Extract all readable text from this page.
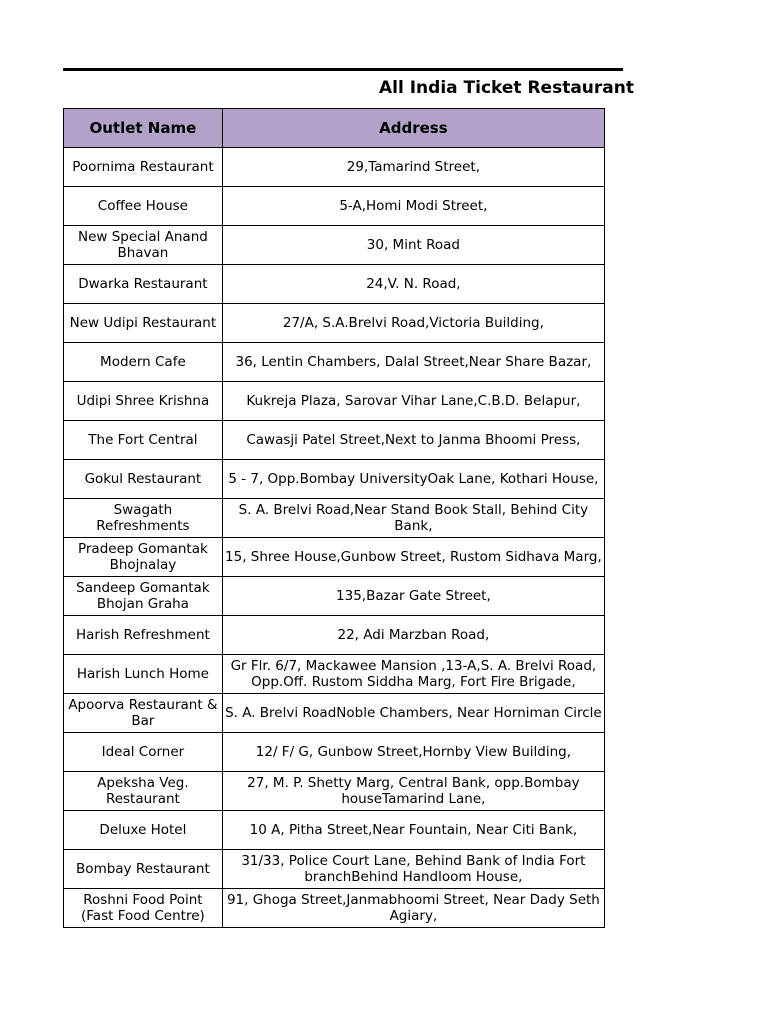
All India Ticket Restaurant
Outlet Name	Address
Poornima Restaurant	29,Tamarind Street,
Coffee House	5-A,Homi Modi Street,
New Special Anand Bhavan	30, Mint Road
Dwarka Restaurant	24,V. N. Road,
New Udipi Restaurant	27/A, S.A.Brelvi Road,Victoria Building,
Modern Cafe	36, Lentin Chambers, Dalal Street,Near Share Bazar,
Udipi Shree Krishna	Kukreja Plaza, Sarovar Vihar Lane,C.B.D. Belapur,
The Fort Central	Cawasji Patel Street,Next to Janma Bhoomi Press,
Gokul Restaurant	5 - 7, Opp.Bombay UniversityOak Lane, Kothari House,
Swagath Refreshments	S. A. Brelvi Road,Near Stand Book Stall, Behind City Bank,
Pradeep Gomantak Bhojnalay	15, Shree House,Gunbow Street, Rustom Sidhava Marg,
Sandeep Gomantak Bhojan Graha	135,Bazar Gate Street,
Harish Refreshment	22, Adi Marzban Road,
Harish Lunch Home	Gr Flr. 6/7, Mackawee Mansion ,13-A,S. A. Brelvi Road, Opp.Off. Rustom Siddha Marg, Fort Fire Brigade,
Apoorva Restaurant & Bar	S. A. Brelvi RoadNoble Chambers, Near Horniman Circle
Ideal Corner	12/ F/ G, Gunbow Street,Hornby View Building,
Apeksha Veg. Restaurant	27, M. P. Shetty Marg, Central Bank, opp.Bombay houseTamarind Lane,
Deluxe Hotel	10 A, Pitha Street,Near Fountain, Near Citi Bank,
Bombay Restaurant	31/33, Police Court Lane, Behind Bank of India Fort branchBehind Handloom House,
Roshni Food Point (Fast Food Centre)	91, Ghoga Street,Janmabhoomi Street, Near Dady Seth Agiary,
